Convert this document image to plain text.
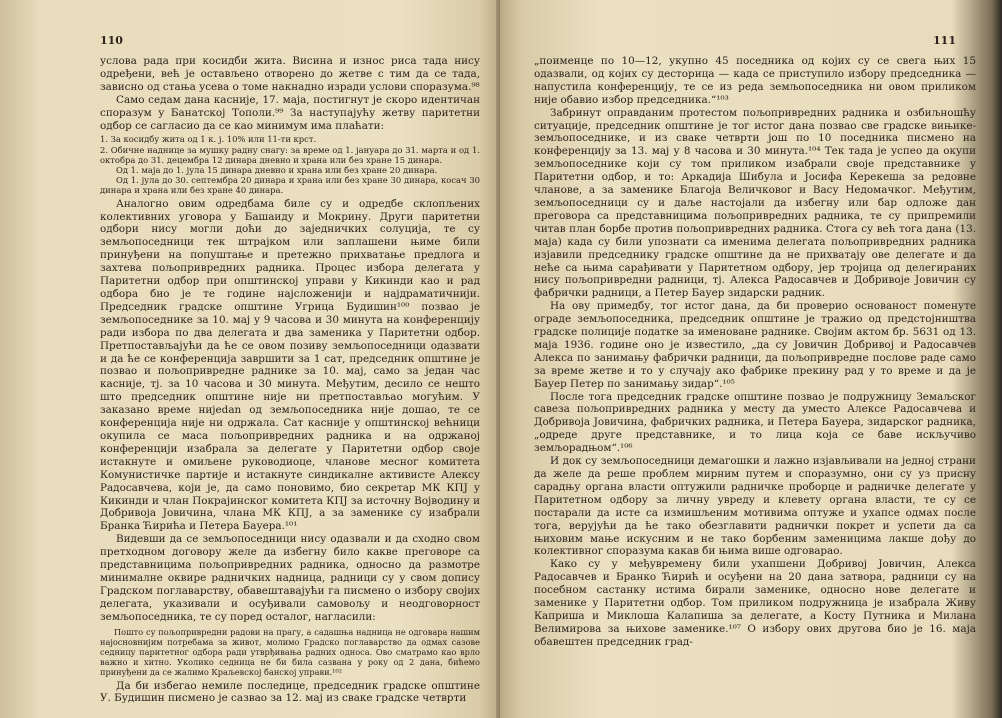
110

услова рада при косидби жита. Висина и износ риса тада нису одређени, већ је остављено отворено до жетве с тим да се тада, зависно од стања усева о томе накнадно изради услови споразума.⁹⁸

Само седам дана касније, 17. маја, постигнут је скоро идентичан споразум у Банатској Тополи.⁹⁹ За наступајућу жетву паритетни одбор се сагласио да се као минимум има плаћати:

1. За косидбу жита од 1 к. ј. 10% или 11-ти крст.

2. Обичне наднице за мушку радну снагу: за време од 1. јануара до 31. марта и од 1. октобра до 31. децембра 12 динара дневно и храна или без хране 15 динара.

Од 1. маја до 1. јула 15 динара дневно и храна или без хране 20 динара.

Од 1. јула до 30. септембра 20 динара и храна или без хране 30 динара, косач 30 динара и храна или без хране 40 динара.

Аналогно овим одредбама биле су и одредбе склопљених колективних уговора у Башаиду и Мокрину. Други паритетни одбори нису могли доћи до заједничких солуција, те су земљопоседници тек штрајком или заплашени њиме били принуђени на попуштање и претежно прихватање предлога и захтева пољопривредних радника. Процес избора делегата у Паритетни одбор при општинској управи у Кикинди као и рад одбора био је те године најсложенији и најдраматичнији. Председник градске општине Угрица Будишин¹⁰⁰ позвао је земљопоседнике за 10. мај у 9 часова и 30 минута на конференцију ради избора по два делегата и два заменика у Паритетни одбор. Претпостављајући да ће се овом позиву земљопоседници одазвати и да ће се конференција завршити за 1 сат, председник општине је позвао и пољопривредне раднике за 10. мај, само за један час касније, тј. за 10 часова и 30 минута. Међутим, десило се нешто што председник општине није ни претпостављао могућим. У заказано време нијedan од земљопоседника није дошао, те се конференција није ни одржала. Сат касније у општинској већници окупила се маса пољопривредних радника и на одржаној конференцији изабрала за делегате у Паритетни одбор своје истакнуте и омиљене руководиоце, чланове месног комитета Комунистичке партије и истакнуте синдикалне активисте Алексу Радосавчева, који је, да само поновимо, био секретар МК КПЈ у Кикинди и члан Покрајинског комитета КПЈ за источну Војводину и Добривоја Јовичина, члана МК КПЈ, а за заменике су изабрали Бранка Ћирића и Петера Бауера.¹⁰¹

Видевши да се земљопоседници нису одазвали и да сходно свом претходном договору желе да избегну било какве преговоре са представницима пољопривредних радника, односно да размотре минималне оквире радничких надница, радници су у свом допису Градском поглаварству, обавештавајући га писмено о избору својих делегата, указивали и осуђивали самовољу и неодговорност земљопоседника, те су поред осталог, нагласили:

Пошто су пољопривредни радови на прагу, а садашња надница не одговара нашим најосновнијим потребама за живот, молимо Градско поглаварство да одмах сазове седницу паритетног одбора ради утврђивања радних односа. Ово сматрамо као врло важно и хитно. Уколико седница не би била сазвана у року од 2 дана, бићемо принуђени да се жалимо Краљевској банској управи.¹⁰²

Да би избегао немиле последице, председник градске општине У. Будишин писмено је сазвао за 12. мај из сваке градске четврти

111

„поименце по 10—12, укупно 45 поседника од којих су се свега њих 15 одазвали, од којих су десторица — када се приступило избору председника — напустила конференцију, те се из реда земљопоседника ни овом приликом није обавио избор председника.“¹⁰³

Забринут оправданим протестом пољопривредних радника и озбиљношћу ситуације, председник општине је тог истог дана позвао све градске вињике-земљопоседнике, и из сваке четврти још по 10 поседника писмено на конференцију за 13. мај у 8 часова и 30 минута.¹⁰⁴ Тек тада је успео да окупи земљопоседнике који су том приликом изабрали своје представнике у Паритетни одбор, и то: Аркадија Шибула и Јосифа Керекеша за редовне чланове, а за заменике Благоја Величковог и Васу Недомачког. Међутим, земљопоседници су и даље настојали да избегну или бар одложе дан преговора са представницима пољопривредних радника, те су припремили читав план борбе против пољопривредних радника. Стога су већ тога дана (13. маја) када су били упознати са именима делегата пољопривредних радника изјавили председнику градске општине да не прихватају ове делегате и да неће са њима сарађивати у Паритетном одбору, јер тројица од делегираних нису пољопривредни радници, тј. Алекса Радосавчев и Добривоје Јовичин су фабрички радници, а Петер Бауер зидарски радник.

На ову примедбу, тог истог дана, да би проверио основаност поменуте ограде земљопоседника, председник општине је тражио од предстојништва градске полиције податке за именоване раднике. Својим актом бр. 5631 од 13. маја 1936. године оно је известило, „да су Јовичин Добривој и Радосавчев Алекса по занимању фабрички радници, да пољопривредне послове раде само за време жетве и то у случају ако фабрике прекину рад у то време и да је Бауер Петер по занимању зидар“.¹⁰⁵

После тога председник градске општине позвао је подружницу Земаљског савеза пољопривредних радника у месту да уместо Алексе Радосавчева и Добривоја Јовичина, фабричких радника, и Петера Бауера, зидарског радника, „одреде друге представнике, и то лица која се баве искључиво земљорадњом“.¹⁰⁶

И док су земљопоседници демагошки и лажно изјављивали на једној страни да желе да реше проблем мирним путем и споразумно, они су уз присну сарадњу органа власти оптужили радничке проборце и радничке делегате у Паритетном одбору за личну увреду и клевету органа власти, те су се постарали да исте са измишљеним мотивима оптуже и ухапсе одмах после тога, верујући да ће тако обезглавити раднички покрет и успети да са њиховим мање искусним и не тако борбеним заменицима лакше дођу до колективног споразума какав би њима више одговарао.

Како су у међувремену били ухапшени Добривој Јовичин, Алекса Радосавчев и Бранко Ћирић и осуђени на 20 дана затвора, радници су на посебном састанку истима бирали заменике, односно нове делегате и заменике у Паритетни одбор. Том приликом подружница је изабрала Живу Каприша и Миклоша Калапиша за делегате, а Косту Путника и Милана Велимирова за њихове заменике.¹⁰⁷ О избору ових другова био је 16. маја обавештен председник град-
